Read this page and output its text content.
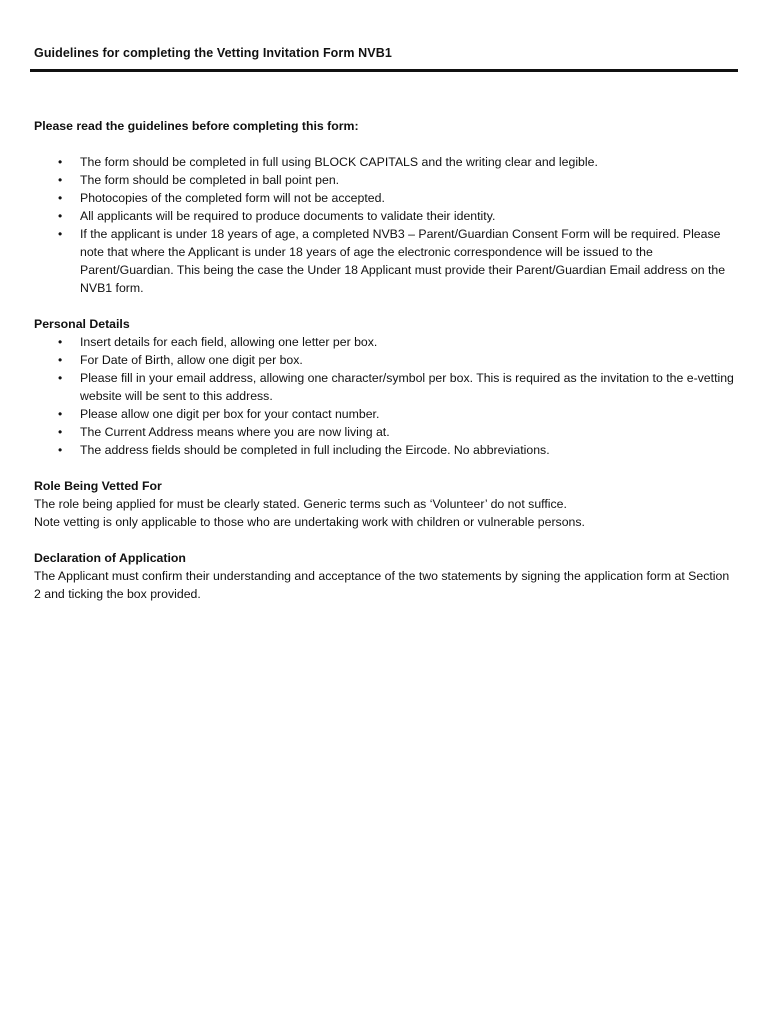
Guidelines for completing the Vetting Invitation Form NVB1

Please read the guidelines before completing this form:

• The form should be completed in full using BLOCK CAPITALS and the writing clear and legible.
• The form should be completed in ball point pen.
• Photocopies of the completed form will not be accepted.
• All applicants will be required to produce documents to validate their identity.
• If the applicant is under 18 years of age, a completed NVB3 – Parent/Guardian Consent Form will be required. Please note that where the Applicant is under 18 years of age the electronic correspondence will be issued to the Parent/Guardian. This being the case the Under 18 Applicant must provide their Parent/Guardian Email address on the NVB1 form.
Personal Details
• Insert details for each field, allowing one letter per box.
• For Date of Birth, allow one digit per box.
• Please fill in your email address, allowing one character/symbol per box. This is required as the invitation to the e-vetting website will be sent to this address.
• Please allow one digit per box for your contact number.
• The Current Address means where you are now living at.
• The address fields should be completed in full including the Eircode. No abbreviations.
Role Being Vetted For

The role being applied for must be clearly stated. Generic terms such as ‘Volunteer’ do not suffice.

Note vetting is only applicable to those who are undertaking work with children or vulnerable persons.

Declaration of Application

The Applicant must confirm their understanding and acceptance of the two statements by signing the application form at Section 2 and ticking the box provided.
